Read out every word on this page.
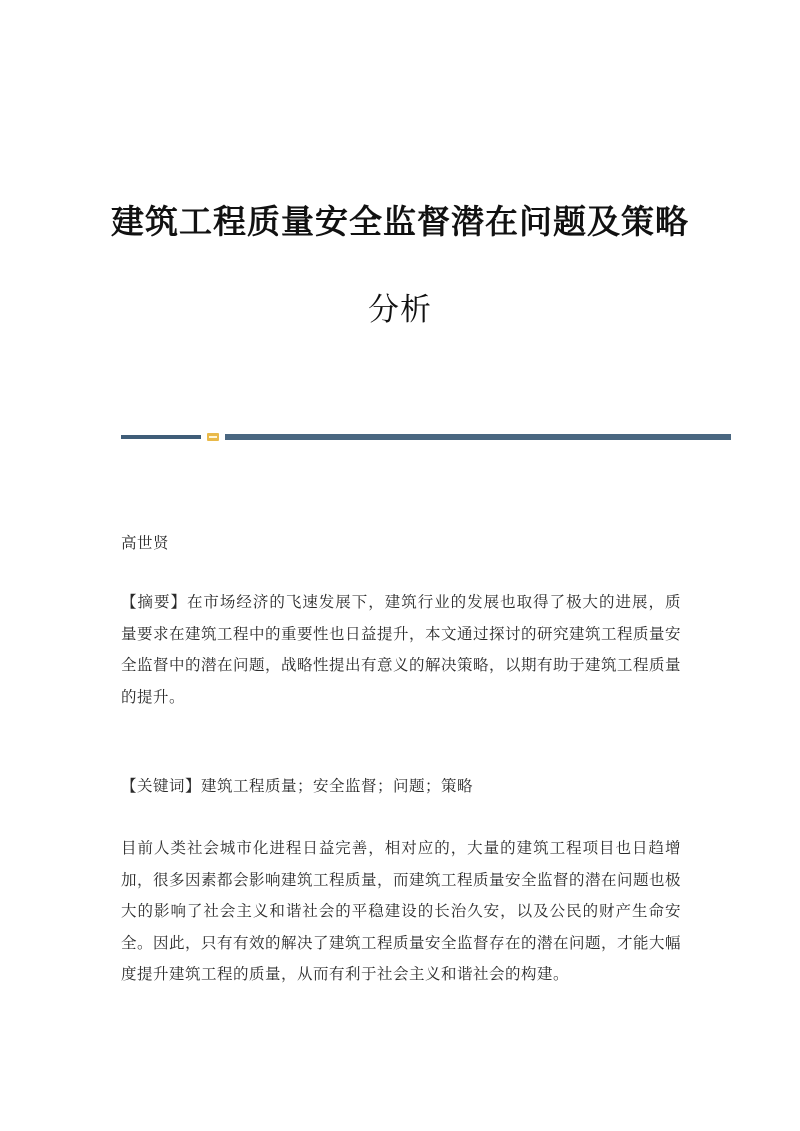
建筑工程质量安全监督潜在问题及策略
分析
高世贤
【摘要】在市场经济的飞速发展下，建筑行业的发展也取得了极大的进展，质量要求在建筑工程中的重要性也日益提升，本文通过探讨的研究建筑工程质量安全监督中的潜在问题，战略性提出有意义的解决策略，以期有助于建筑工程质量的提升。
【关键词】建筑工程质量；安全监督；问题；策略
目前人类社会城市化进程日益完善，相对应的，大量的建筑工程项目也日趋增加，很多因素都会影响建筑工程质量，而建筑工程质量安全监督的潜在问题也极大的影响了社会主义和谐社会的平稳建设的长治久安，以及公民的财产生命安全。因此，只有有效的解决了建筑工程质量安全监督存在的潜在问题，才能大幅度提升建筑工程的质量，从而有利于社会主义和谐社会的构建。
